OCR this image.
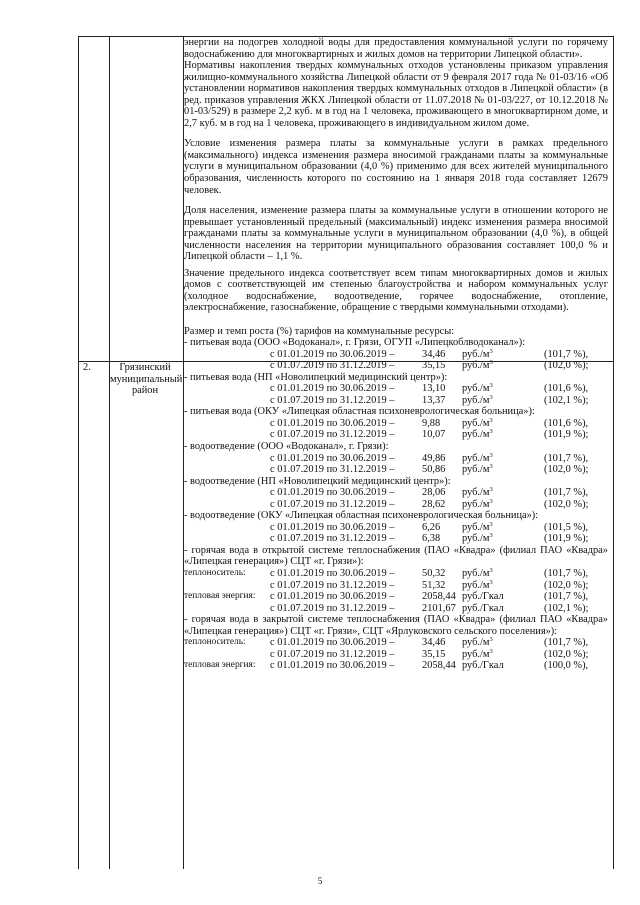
2.	Грязинский муниципальный район

энергии на подогрев холодной воды для предоставления коммунальной услуги по горячему водоснабжению для многоквартирных и жилых домов на территории Липецкой области».

Нормативы накопления твердых коммунальных отходов установлены приказом управления жилищно-коммунального хозяйства Липецкой области от 9 февраля 2017 года № 01-03/16 «Об установлении нормативов накопления твердых коммунальных отходов в Липецкой области» (в ред. приказов управления ЖКХ Липецкой области от 11.07.2018 № 01-03/227, от 10.12.2018 № 01-03/529) в размере 2,2 куб. м в год на 1 человека, проживающего в многоквартирном доме, и 2,7 куб. м в год на 1 человека, проживающего в индивидуальном жилом доме.

Условие изменения размера платы за коммунальные услуги в рамках предельного (максимального) индекса изменения размера вносимой гражданами платы за коммунальные услуги в муниципальном образовании (4,0 %) применимо для всех жителей муниципального образования, численность которого по состоянию на 1 января 2018 года составляет 12679 человек.

Доля населения, изменение размера платы за коммунальные услуги в отношении которого не превышает установленный предельный (максимальный) индекс изменения размера вносимой гражданами платы за коммунальные услуги в муниципальном образовании (4,0 %), в общей численности населения на территории муниципального образования составляет 100,0 % и Липецкой области – 1,1 %.

Значение предельного индекса соответствует всем типам многоквартирных домов и жилых домов с соответствующей им степенью благоустройства и набором коммунальных услуг (холодное водоснабжение, водоотведение, горячее водоснабжение, отопление, электроснабжение, газоснабжение, обращение с твердыми коммунальными отходами).

Размер и темп роста (%) тарифов на коммунальные ресурсы:

- питьевая вода (ООО «Водоканал», г. Грязи, ОГУП «Липецкоблводоканал»):

с 01.01.2019 по 30.06.2019 –	34,46 $руб./м^3$	(101,7 %),
с 01.07.2019 по 31.12.2019 –	35,15 $руб./м^3$	(102,0 %);

- питьевая вода (НП «Новолипецкий медицинский центр»):

с 01.01.2019 по 30.06.2019 –	13,10 $руб./м^3$	(101,6 %),
с 01.07.2019 по 31.12.2019 –	13,37 $руб./м^3$	(102,1 %);

- питьевая вода (ОКУ «Липецкая областная психоневрологическая больница»):

с 01.01.2019 по 30.06.2019 –	9,88 $руб./м^3$	(101,6 %),
с 01.07.2019 по 31.12.2019 –	10,07 $руб./м^3$	(101,9 %);

- водоотведение (ООО «Водоканал», г. Грязи):

с 01.01.2019 по 30.06.2019 –	49,86 $руб./м^3$	(101,7 %),
с 01.07.2019 по 31.12.2019 –	50,86 $руб./м^3$	(102,0 %);

- водоотведение (НП «Новолипецкий медицинский центр»):

с 01.01.2019 по 30.06.2019 –	28,06 $руб./м^3$	(101,7 %),
с 01.07.2019 по 31.12.2019 –	28,62 $руб./м^3$	(102,0 %);

- водоотведение (ОКУ «Липецкая областная психоневрологическая больница»):

с 01.01.2019 по 30.06.2019 –	6,26 $руб./м^3$	(101,5 %),
с 01.07.2019 по 31.12.2019 –	6,38 $руб./м^3$	(101,9 %);

- горячая вода в открытой системе теплоснабжения (ПАО «Квадра» (филиал ПАО «Квадра» «Липецкая генерация») СЦТ «г. Грязи»):

теплоноситель: с 01.01.2019 по 30.06.2019 –	50,32 $руб./м^3$	(101,7 %),
с 01.07.2019 по 31.12.2019 –	51,32 $руб./м^3$	(102,0 %);
тепловая энергия: с 01.01.2019 по 30.06.2019 –	2058,44 руб./Гкал	(101,7 %),
с 01.07.2019 по 31.12.2019 –	2101,67 руб./Гкал	(102,1 %);

- горячая вода в закрытой системе теплоснабжения (ПАО «Квадра» (филиал ПАО «Квадра» «Липецкая генерация») СЦТ «г. Грязи», СЦТ «Ярлуковского сельского поселения»):

теплоноситель: с 01.01.2019 по 30.06.2019 –	34,46 $руб./м^3$	(101,7 %),
с 01.07.2019 по 31.12.2019 –	35,15 $руб./м^3$	(102,0 %);
тепловая энергия: с 01.01.2019 по 30.06.2019 –	2058,44 руб./Гкал	(100,0 %),
5
